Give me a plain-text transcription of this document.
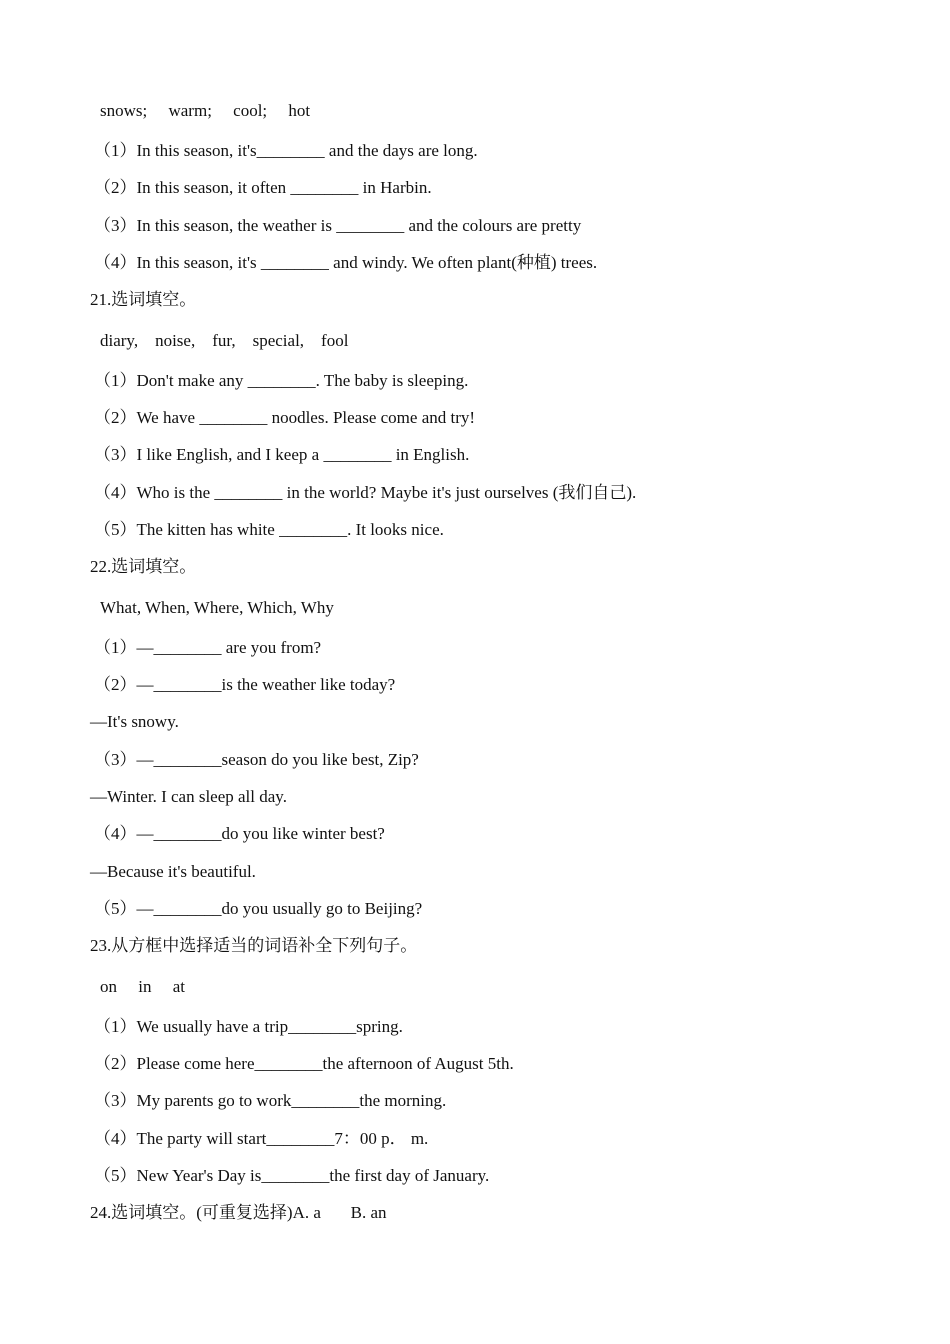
snows;     warm;     cool;     hot
（1）In this season, it's________ and the days are long.
（2）In this season, it often ________ in Harbin.
（3）In this season, the weather is ________ and the colours are pretty
（4）In this season, it's ________ and windy. We often plant(种植) trees.
21.选词填空。
diary,    noise,    fur,    special,    fool
（1）Don't make any ________. The baby is sleeping.
（2）We have ________ noodles. Please come and try!
（3）I like English, and I keep a ________ in English.
（4）Who is the ________ in the world? Maybe it's just ourselves (我们自己).
（5）The kitten has white ________. It looks nice.
22.选词填空。
What, When, Where, Which, Why
（1）—________ are you from?
（2）—________is the weather like today?
—It's snowy.
（3）—________season do you like best, Zip?
—Winter. I can sleep all day.
（4）—________do you like winter best?
—Because it's beautiful.
（5）—________do you usually go to Beijing?
23.从方框中选择适当的词语补全下列句子。
on     in     at
（1）We usually have a trip________spring.
（2）Please come here________the afternoon of August 5th.
（3）My parents go to work________the morning.
（4）The party will start________7：00 p． m.
（5）New Year's Day is________the first day of January.
24.选词填空。(可重复选择)A. a       B. an
